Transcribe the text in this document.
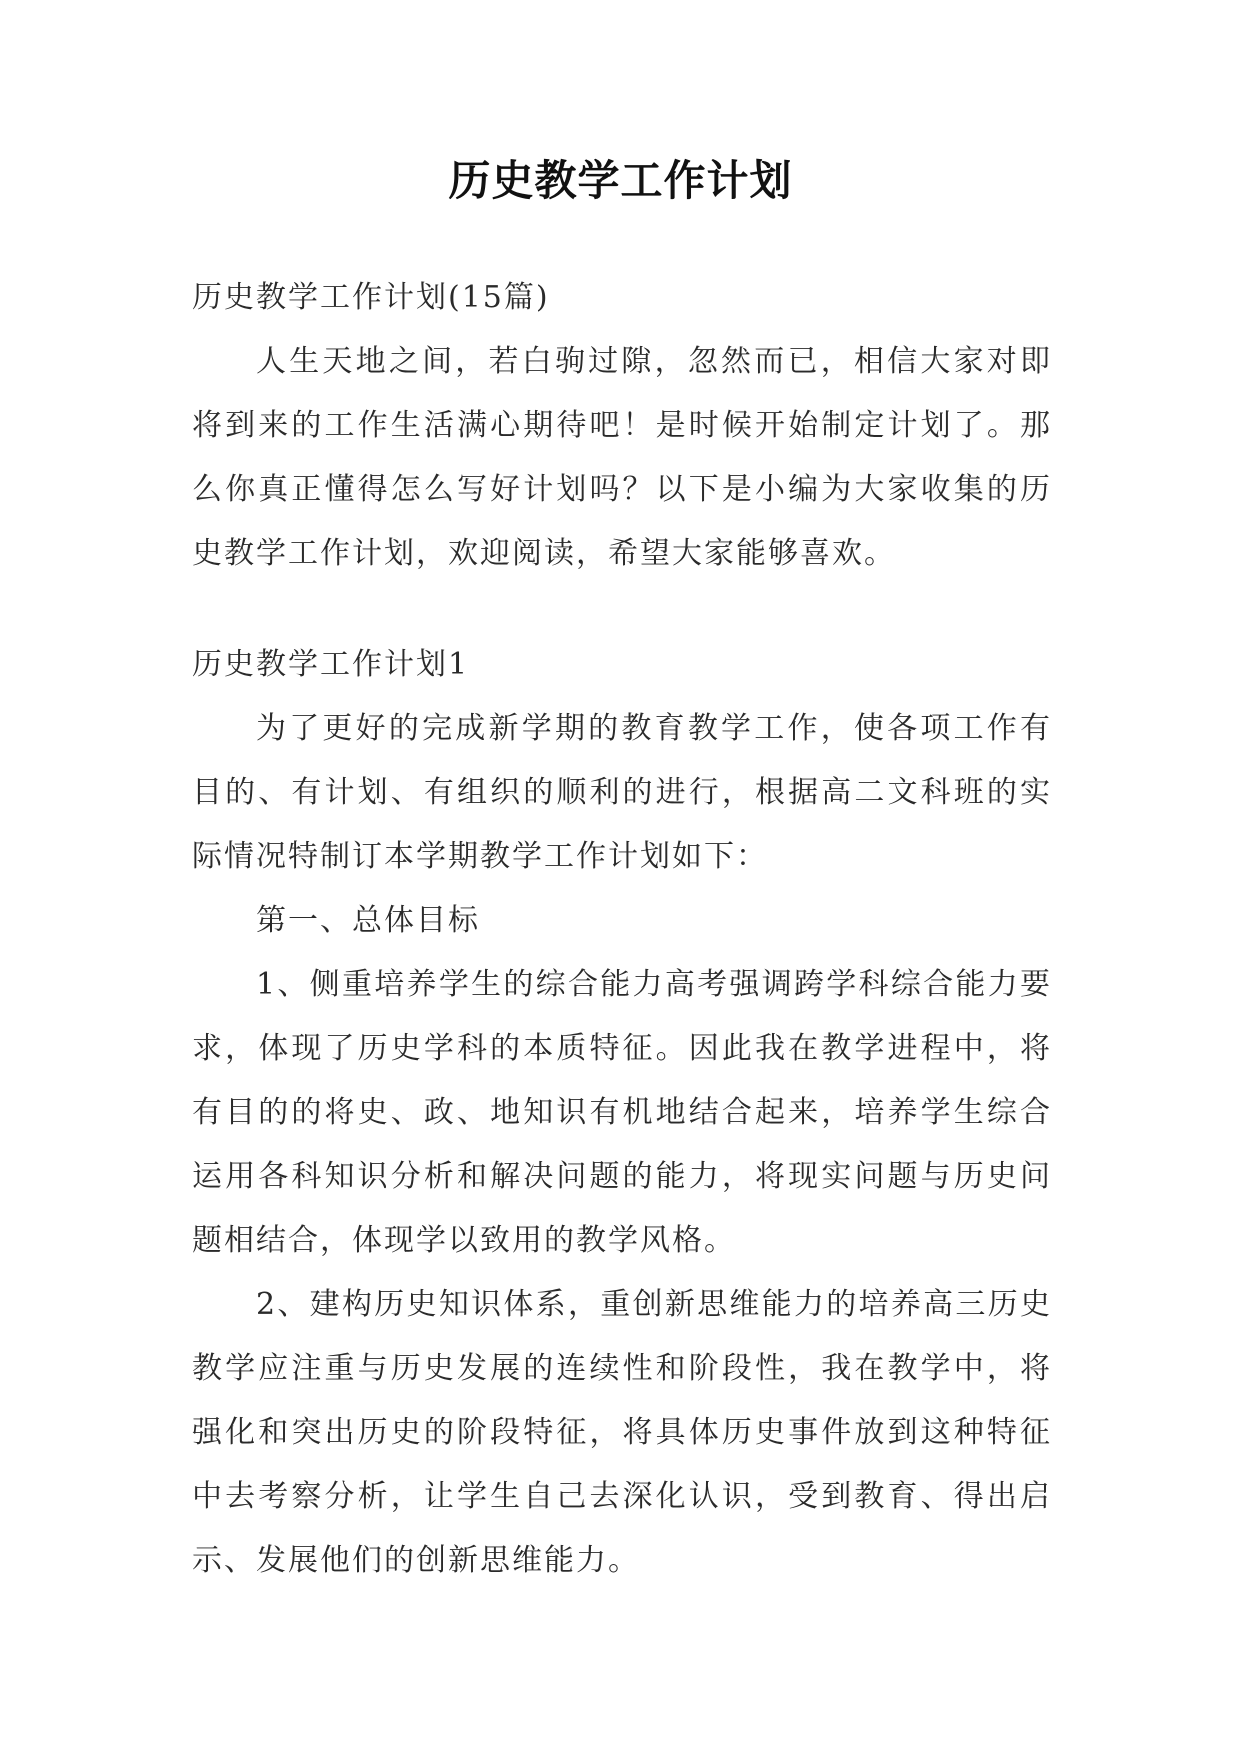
历史教学工作计划

历史教学工作计划(15篇)

人生天地之间，若白驹过隙，忽然而已，相信大家对即将到来的工作生活满心期待吧！是时候开始制定计划了。那么你真正懂得怎么写好计划吗？以下是小编为大家收集的历史教学工作计划，欢迎阅读，希望大家能够喜欢。

历史教学工作计划1

为了更好的完成新学期的教育教学工作，使各项工作有目的、有计划、有组织的顺利的进行，根据高二文科班的实际情况特制订本学期教学工作计划如下：

第一、总体目标

1、侧重培养学生的综合能力高考强调跨学科综合能力要求，体现了历史学科的本质特征。因此我在教学进程中，将有目的的将史、政、地知识有机地结合起来，培养学生综合运用各科知识分析和解决问题的能力，将现实问题与历史问题相结合，体现学以致用的教学风格。

2、建构历史知识体系，重创新思维能力的培养高三历史教学应注重与历史发展的连续性和阶段性，我在教学中，将强化和突出历史的阶段特征，将具体历史事件放到这种特征中去考察分析，让学生自己去深化认识，受到教育、得出启示、发展他们的创新思维能力。
